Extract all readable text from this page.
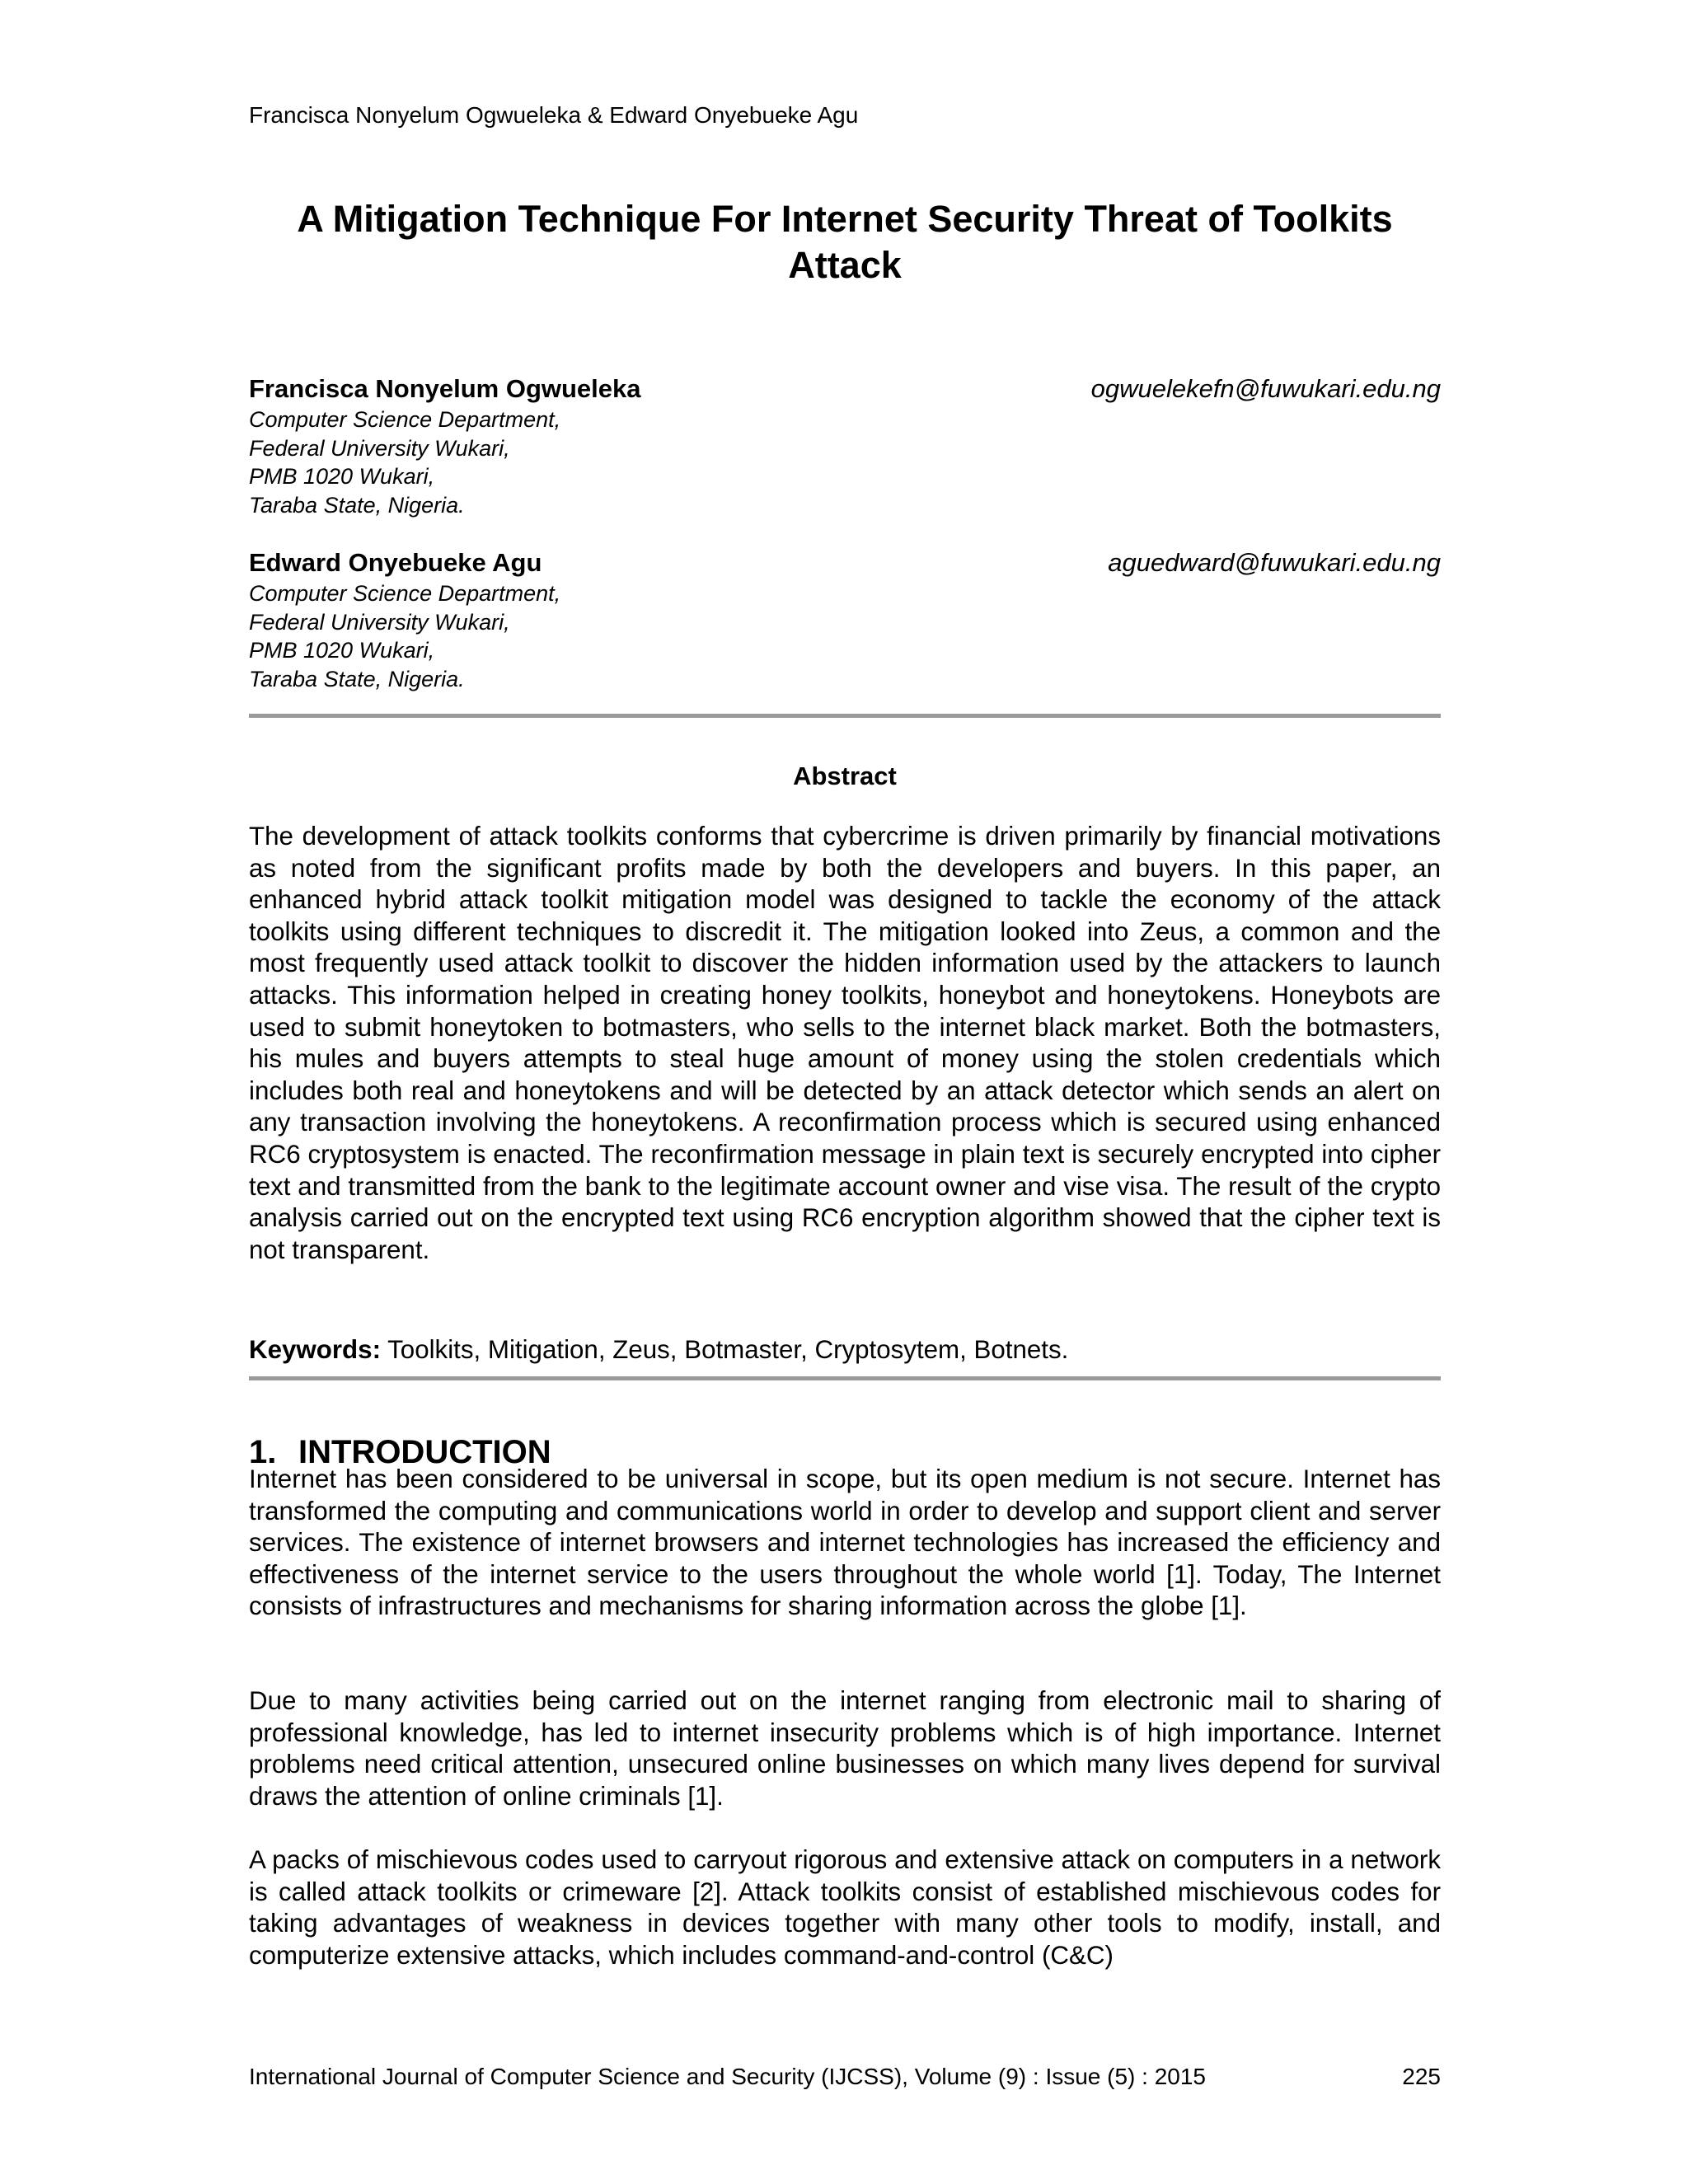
Francisca Nonyelum Ogwueleka & Edward Onyebueke Agu
A Mitigation Technique For Internet Security Threat of Toolkits Attack
Francisca Nonyelum Ogwueleka	ogwuelekefn@fuwukari.edu.ng
Computer Science Department,
Federal University Wukari,
PMB 1020 Wukari,
Taraba State, Nigeria.
Edward Onyebueke Agu	aguedward@fuwukari.edu.ng
Computer Science Department,
Federal University Wukari,
PMB 1020 Wukari,
Taraba State, Nigeria.
Abstract
The development of attack toolkits conforms that cybercrime is driven primarily by financial motivations as noted from the significant profits made by both the developers and buyers. In this paper, an enhanced hybrid attack toolkit mitigation model was designed to tackle the economy of the attack toolkits using different techniques to discredit it. The mitigation looked into Zeus, a common and the most frequently used attack toolkit to discover the hidden information used by the attackers to launch attacks. This information helped in creating honey toolkits, honeybot and honeytokens. Honeybots are used to submit honeytoken to botmasters, who sells to the internet black market. Both the botmasters, his mules and buyers attempts to steal huge amount of money using the stolen credentials which includes both real and honeytokens and will be detected by an attack detector which sends an alert on any transaction involving the honeytokens. A reconfirmation process which is secured using enhanced RC6 cryptosystem is enacted. The reconfirmation message in plain text is securely encrypted into cipher text and transmitted from the bank to the legitimate account owner and vise visa. The result of the crypto analysis carried out on the encrypted text using RC6 encryption algorithm showed that the cipher text is not transparent.
Keywords: Toolkits, Mitigation, Zeus, Botmaster, Cryptosytem, Botnets.
1. INTRODUCTION
Internet has been considered to be universal in scope, but its open medium is not secure. Internet has transformed the computing and communications world in order to develop and support client and server services. The existence of internet browsers and internet technologies has increased the efficiency and effectiveness of the internet service to the users throughout the whole world [1]. Today, The Internet consists of infrastructures and mechanisms for sharing information across the globe [1].
Due to many activities being carried out on the internet ranging from electronic mail to sharing of professional knowledge, has led to internet insecurity problems which is of high importance. Internet problems need critical attention, unsecured online businesses on which many lives depend for survival draws the attention of online criminals [1].
A packs of mischievous codes used to carryout rigorous and extensive attack on computers in a network is called attack toolkits or crimeware [2]. Attack toolkits consist of established mischievous codes for taking advantages of weakness in devices together with many other tools to modify, install, and computerize extensive attacks, which includes command-and-control (C&C)
International Journal of Computer Science and Security (IJCSS), Volume (9) : Issue (5) : 2015	225
